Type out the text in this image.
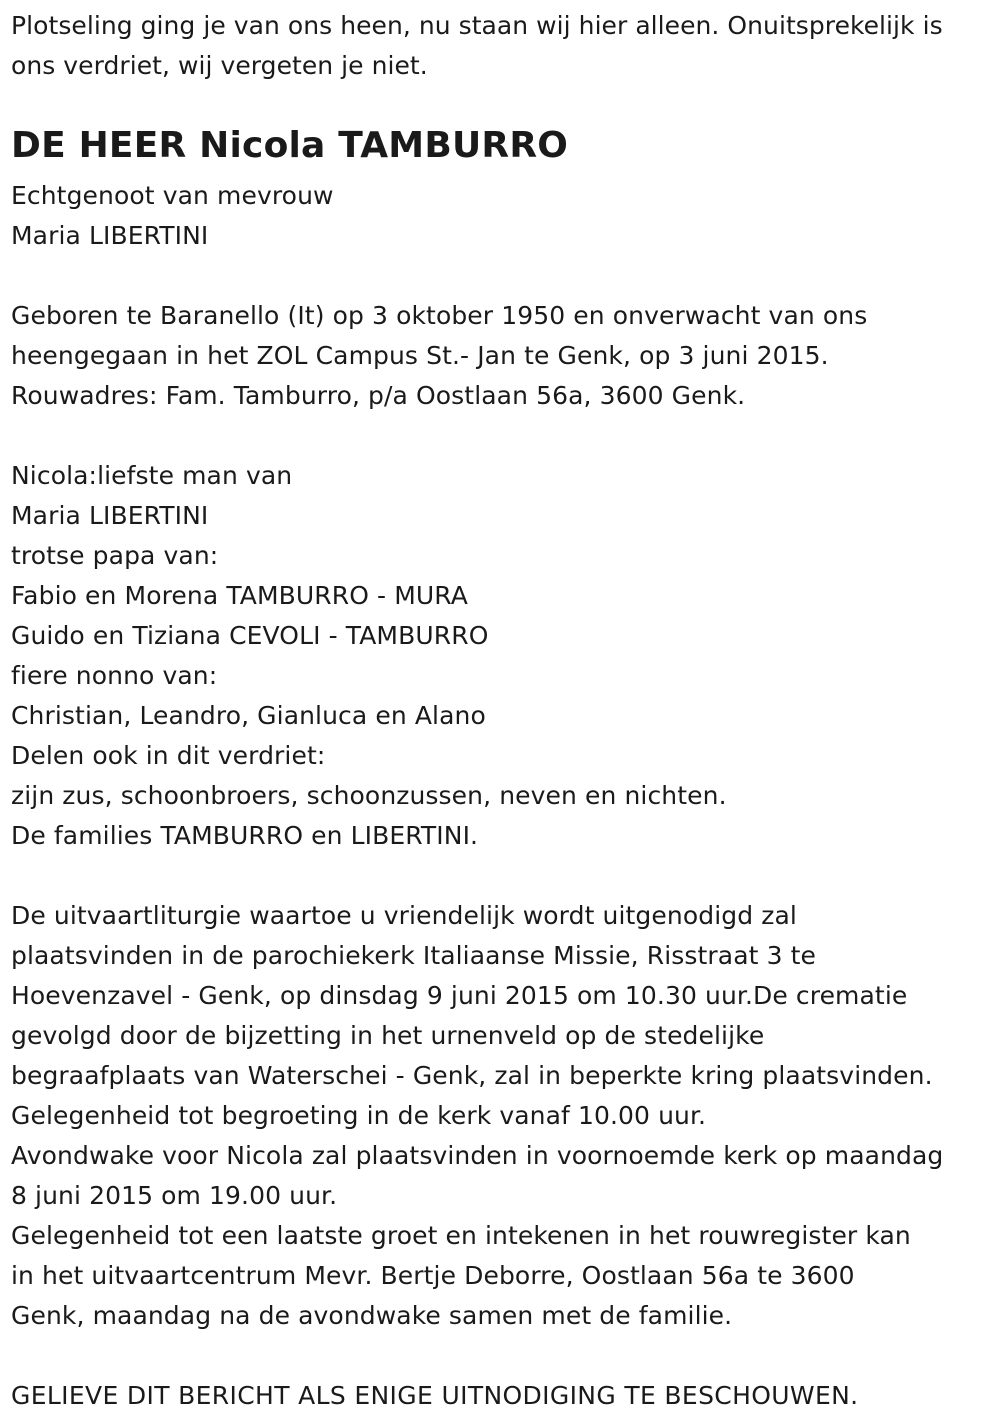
Plotseling ging je van ons heen, nu staan wij hier alleen. Onuitsprekelijk is
ons verdriet, wij vergeten je niet.
DE HEER Nicola TAMBURRO
Echtgenoot van mevrouw
Maria LIBERTINI
Geboren te Baranello (It) op 3 oktober 1950 en onverwacht van ons
heengegaan in het ZOL Campus St.- Jan te Genk, op 3 juni 2015.
Rouwadres: Fam. Tamburro, p/a Oostlaan 56a, 3600 Genk.
Nicola:liefste man van
Maria LIBERTINI
trotse papa van:
Fabio en Morena TAMBURRO - MURA
Guido en Tiziana CEVOLI - TAMBURRO
fiere nonno van:
Christian, Leandro, Gianluca en Alano
Delen ook in dit verdriet:
zijn zus, schoonbroers, schoonzussen, neven en nichten.
De families TAMBURRO en LIBERTINI.
De uitvaartliturgie waartoe u vriendelijk wordt uitgenodigd zal
plaatsvinden in de parochiekerk Italiaanse Missie, Risstraat 3 te
Hoevenzavel - Genk, op dinsdag 9 juni 2015 om 10.30 uur.De crematie
gevolgd door de bijzetting in het urnenveld op de stedelijke
begraafplaats van Waterschei - Genk, zal in beperkte kring plaatsvinden.
Gelegenheid tot begroeting in de kerk vanaf 10.00 uur.
Avondwake voor Nicola zal plaatsvinden in voornoemde kerk op maandag
8 juni 2015 om 19.00 uur.
Gelegenheid tot een laatste groet en intekenen in het rouwregister kan
in het uitvaartcentrum Mevr. Bertje Deborre, Oostlaan 56a te 3600
Genk, maandag na de avondwake samen met de familie.
GELIEVE DIT BERICHT ALS ENIGE UITNODIGING TE BESCHOUWEN.
